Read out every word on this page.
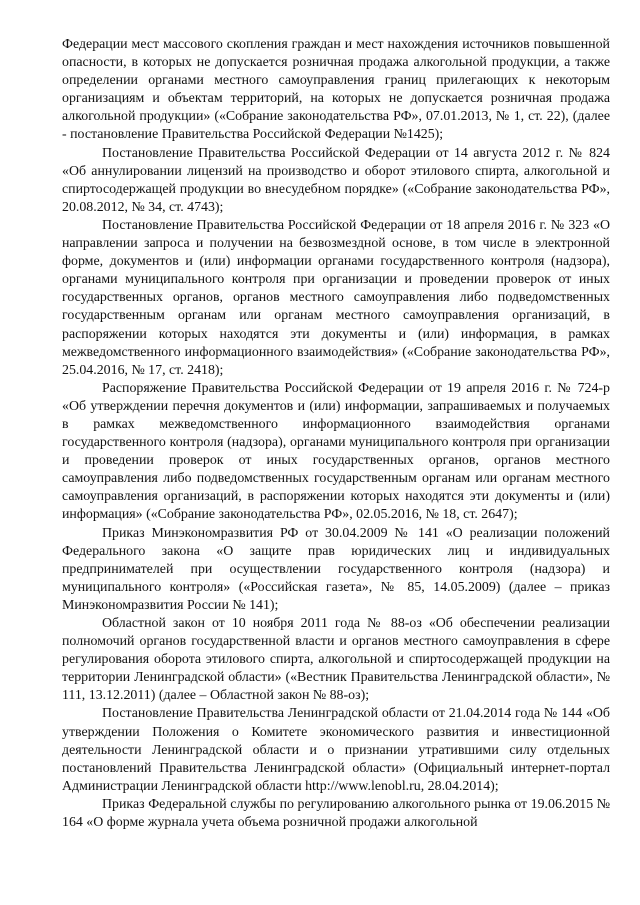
Федерации мест массового скопления граждан и мест нахождения источников повышенной опасности, в которых не допускается розничная продажа алкогольной продукции, а также определении органами местного самоуправления границ прилегающих к некоторым организациям и объектам территорий, на которых не допускается розничная продажа алкогольной продукции» («Собрание законодательства РФ», 07.01.2013, № 1, ст. 22), (далее - постановление Правительства Российской Федерации №1425);

Постановление Правительства Российской Федерации от 14 августа 2012 г. № 824 «Об аннулировании лицензий на производство и оборот этилового спирта, алкогольной и спиртосодержащей продукции во внесудебном порядке» («Собрание законодательства РФ», 20.08.2012, № 34, ст. 4743);

Постановление Правительства Российской Федерации от 18 апреля 2016 г. № 323 «О направлении запроса и получении на безвозмездной основе, в том числе в электронной форме, документов и (или) информации органами государственного контроля (надзора), органами муниципального контроля при организации и проведении проверок от иных государственных органов, органов местного самоуправления либо подведомственных государственным органам или органам местного самоуправления организаций, в распоряжении которых находятся эти документы и (или) информация, в рамках межведомственного информационного взаимодействия» («Собрание законодательства РФ», 25.04.2016, № 17, ст. 2418);

Распоряжение Правительства Российской Федерации от 19 апреля 2016 г. № 724-р «Об утверждении перечня документов и (или) информации, запрашиваемых и получаемых в рамках межведомственного информационного взаимодействия органами государственного контроля (надзора), органами муниципального контроля при организации и проведении проверок от иных государственных органов, органов местного самоуправления либо подведомственных государственным органам или органам местного самоуправления организаций, в распоряжении которых находятся эти документы и (или) информация» («Собрание законодательства РФ», 02.05.2016, № 18, ст. 2647);

Приказ Минэкономразвития РФ от 30.04.2009 № 141 «О реализации положений Федерального закона «О защите прав юридических лиц и индивидуальных предпринимателей при осуществлении государственного контроля (надзора) и муниципального контроля» («Российская газета», № 85, 14.05.2009) (далее – приказ Минэкономразвития России № 141);

Областной закон от 10 ноября 2011 года № 88-оз «Об обеспечении реализации полномочий органов государственной власти и органов местного самоуправления в сфере регулирования оборота этилового спирта, алкогольной и спиртосодержащей продукции на территории Ленинградской области» («Вестник Правительства Ленинградской области», № 111, 13.12.2011) (далее – Областной закон № 88-оз);

Постановление Правительства Ленинградской области от 21.04.2014 года № 144 «Об утверждении Положения о Комитете экономического развития и инвестиционной деятельности Ленинградской области и о признании утратившими силу отдельных постановлений Правительства Ленинградской области» (Официальный интернет-портал Администрации Ленинградской области http://www.lenobl.ru, 28.04.2014);

Приказ Федеральной службы по регулированию алкогольного рынка от 19.06.2015 № 164 «О форме журнала учета объема розничной продажи алкогольной
